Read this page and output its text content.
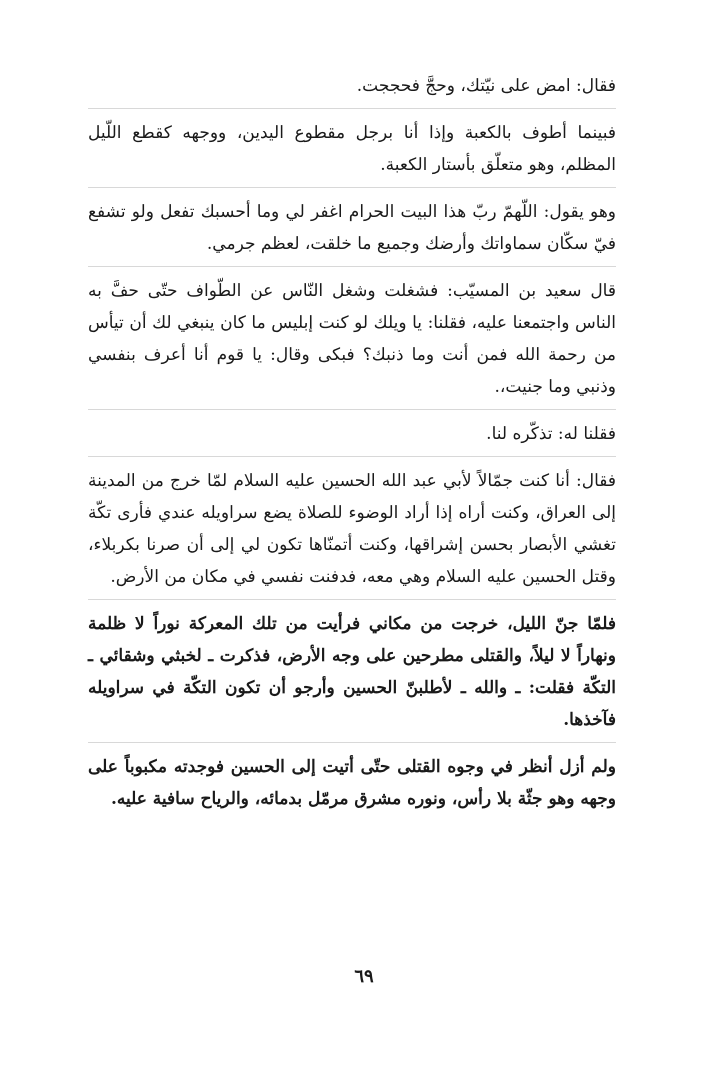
فقال: امض على نيّتك، وحجَّ فحججت.

فبينما أطوف بالكعبة وإذا أنا برجل مقطوع اليدين، ووجهه كقطع اللّيل المظلم، وهو متعلّق بأستار الكعبة.

وهو يقول: اللّهمّ ربّ هذا البيت الحرام اغفر لي وما أحسبك تفعل ولو تشفع فيّ سكّان سماواتك وأرضك وجميع ما خلقت، لعظم جرمي.

قال سعيد بن المسيّب: فشغلت وشغل النّاس عن الطّواف حتّى حفَّ به الناس واجتمعنا عليه، فقلنا: يا ويلك لو كنت إبليس ما كان ينبغي لك أن تيأس من رحمة الله فمن أنت وما ذنبك؟ فبكى وقال: يا قوم أنا أعرف بنفسي وذنبي وما جنيت،.

فقلنا له: تذكّره لنا.

فقال: أنا كنت جمّالاً لأبي عبد الله الحسين عليه السلام لمّا خرج من المدينة إلى العراق، وكنت أراه إذا أراد الوضوء للصلاة يضع سراويله عندي فأرى تكّة تغشي الأبصار بحسن إشراقها، وكنت أتمنّاها تكون لي إلى أن صرنا بكربلاء، وقتل الحسين عليه السلام وهي معه، فدفنت نفسي في مكان من الأرض.

فلمّا جنّ الليل، خرجت من مكاني فرأيت من تلك المعركة نوراً لا ظلمة ونهاراً لا ليلاً، والقتلى مطرحين على وجه الأرض، فذكرت ـ لخبثي وشقائي ـ التكّة فقلت: ـ والله ـ لأطلبنّ الحسين وأرجو أن تكون التكّة في سراويله فآخذها.

ولم أزل أنظر في وجوه القتلى حتّى أتيت إلى الحسين فوجدته مكبوباً على وجهه وهو جثّة بلا رأس، ونوره مشرق مرمّل بدمائه، والرياح سافية عليه.

٦٩
